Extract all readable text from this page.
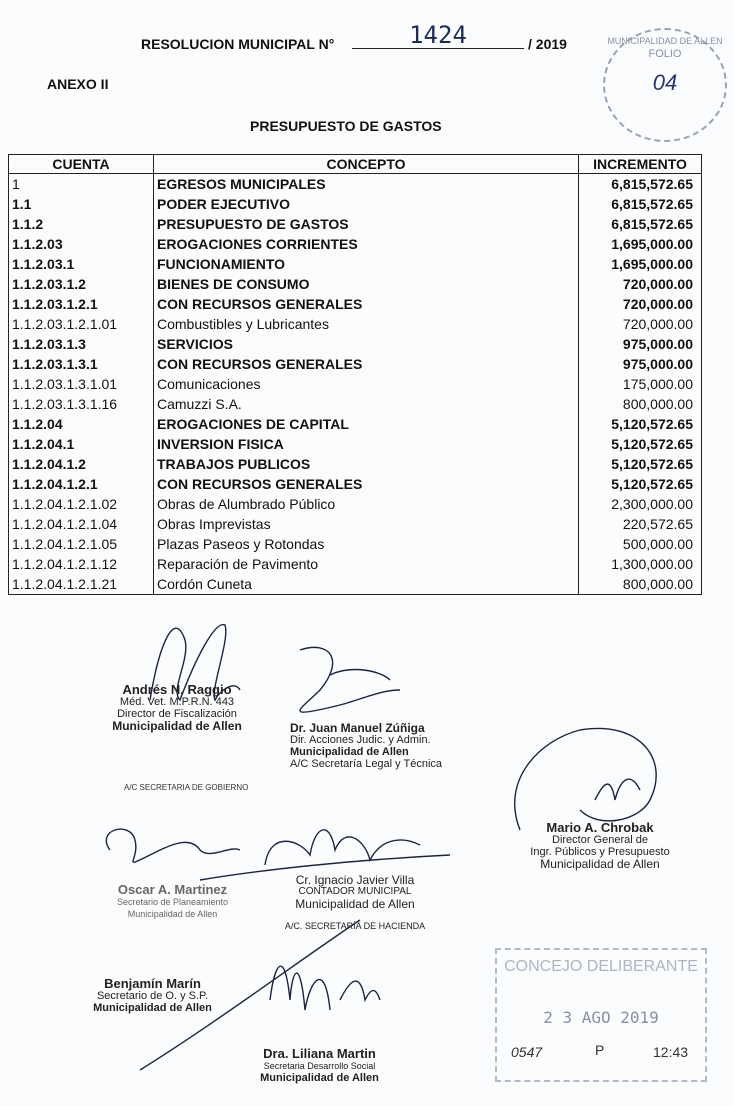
RESOLUCION MUNICIPAL N°	1424	/ 2019
ANEXO II
PRESUPUESTO DE GASTOS
MUNICIPALIDAD DE ALLEN
FOLIO
04
CUENTA	CONCEPTO	INCREMENTO
1	EGRESOS MUNICIPALES	6,815,572.65
1.1	PODER EJECUTIVO	6,815,572.65
1.1.2	PRESUPUESTO DE GASTOS	6,815,572.65
1.1.2.03	EROGACIONES CORRIENTES	1,695,000.00
1.1.2.03.1	FUNCIONAMIENTO	1,695,000.00
1.1.2.03.1.2	BIENES DE CONSUMO	720,000.00
1.1.2.03.1.2.1	CON RECURSOS GENERALES	720,000.00
1.1.2.03.1.2.1.01	Combustibles y Lubricantes	720,000.00
1.1.2.03.1.3	SERVICIOS	975,000.00
1.1.2.03.1.3.1	CON RECURSOS GENERALES	975,000.00
1.1.2.03.1.3.1.01	Comunicaciones	175,000.00
1.1.2.03.1.3.1.16	Camuzzi S.A.	800,000.00
1.1.2.04	EROGACIONES DE CAPITAL	5,120,572.65
1.1.2.04.1	INVERSION FISICA	5,120,572.65
1.1.2.04.1.2	TRABAJOS PUBLICOS	5,120,572.65
1.1.2.04.1.2.1	CON RECURSOS GENERALES	5,120,572.65
1.1.2.04.1.2.1.02	Obras de Alumbrado Público	2,300,000.00
1.1.2.04.1.2.1.04	Obras Imprevistas	220,572.65
1.1.2.04.1.2.1.05	Plazas Paseos y Rotondas	500,000.00
1.1.2.04.1.2.1.12	Reparación de Pavimento	1,300,000.00
1.1.2.04.1.2.1.21	Cordón Cuneta	800,000.00
Andrés N. Raggio
Méd. Vet. M.P.R.N. 443
Director de Fiscalización
Municipalidad de Allen
A/C SECRETARIA DE GOBIERNO
Dr. Juan Manuel Zúñiga
Dir. Acciones Judic. y Admin.
Municipalidad de Allen
A/C Secretaría Legal y Técnica
Mario A. Chrobak
Director General de
Ingr. Públicos y Presupuesto
Municipalidad de Allen
Oscar A. Martinez
Secretario de Planeamiento
Municipalidad de Allen
Cr. Ignacio Javier Villa
CONTADOR MUNICIPAL
Municipalidad de Allen
A/C. SECRETARÍA DE HACIENDA
Benjamín Marín
Secretario de O. y S.P.
Municipalidad de Allen
Dra. Liliana Martin
Secretaria Desarrollo Social
Municipalidad de Allen
CONCEJO DELIBERANTE
2 3 AGO 2019
0547	P	12:43
